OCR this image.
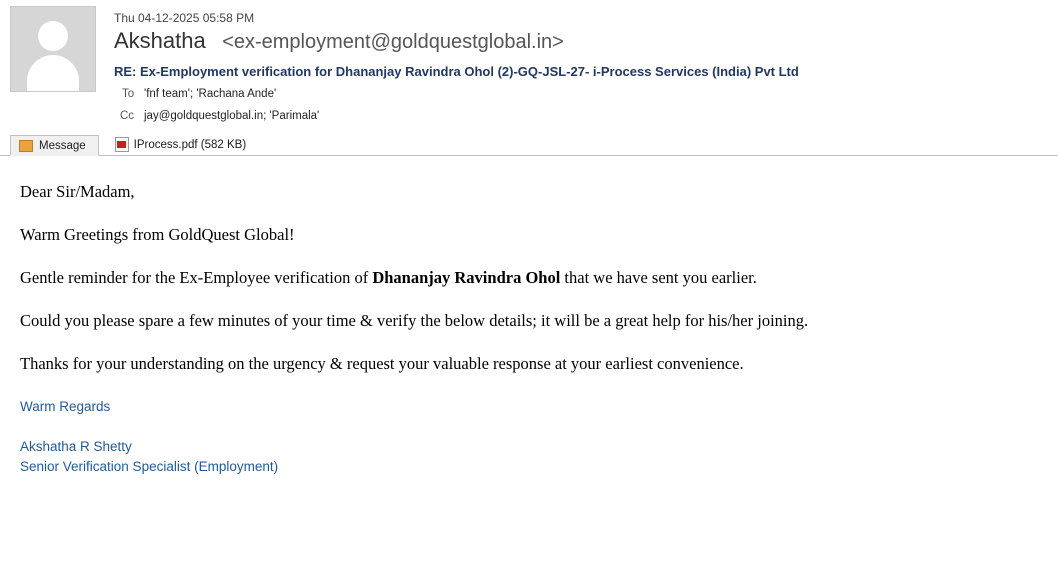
Thu 04-12-2025 05:58 PM
Akshatha <ex-employment@goldquestglobal.in>
RE: Ex-Employment verification for Dhananjay Ravindra Ohol (2)-GQ-JSL-27- i-Process Services (India) Pvt Ltd
To 'fnf team'; 'Rachana Ande'
Cc jay@goldquestglobal.in; 'Parimala'
Message	IProcess.pdf (582 KB)

Dear Sir/Madam,

Warm Greetings from GoldQuest Global!

Gentle reminder for the Ex-Employee verification of Dhananjay Ravindra Ohol that we have sent you earlier.

Could you please spare a few minutes of your time & verify the below details; it will be a great help for his/her joining.

Thanks for your understanding on the urgency & request your valuable response at your earliest convenience.

Warm Regards
Akshatha R Shetty
Senior Verification Specialist (Employment)
